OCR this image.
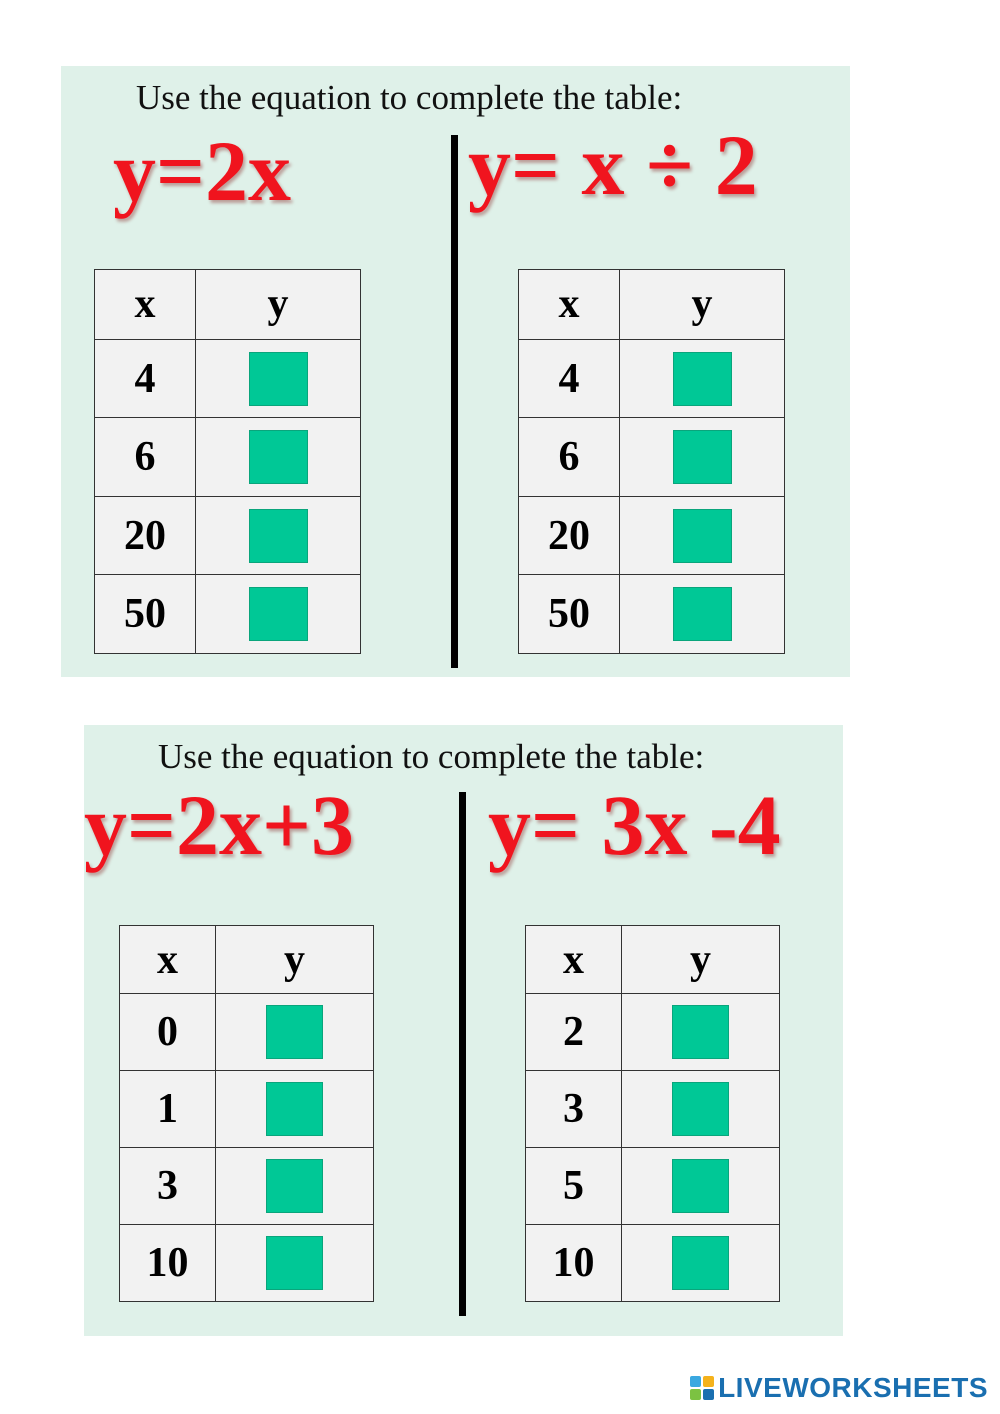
Use the equation to complete the table:
y=2x y= x ÷ 2
x	y
4	
6	
20	
50	
x	y
4	
6	
20	
50	
Use the equation to complete the table:
y=2x+3 y= 3x -4
x	y
0	
1	
3	
10	
x	y
2	
3	
5	
10	
LIVEWORKSHEETS
